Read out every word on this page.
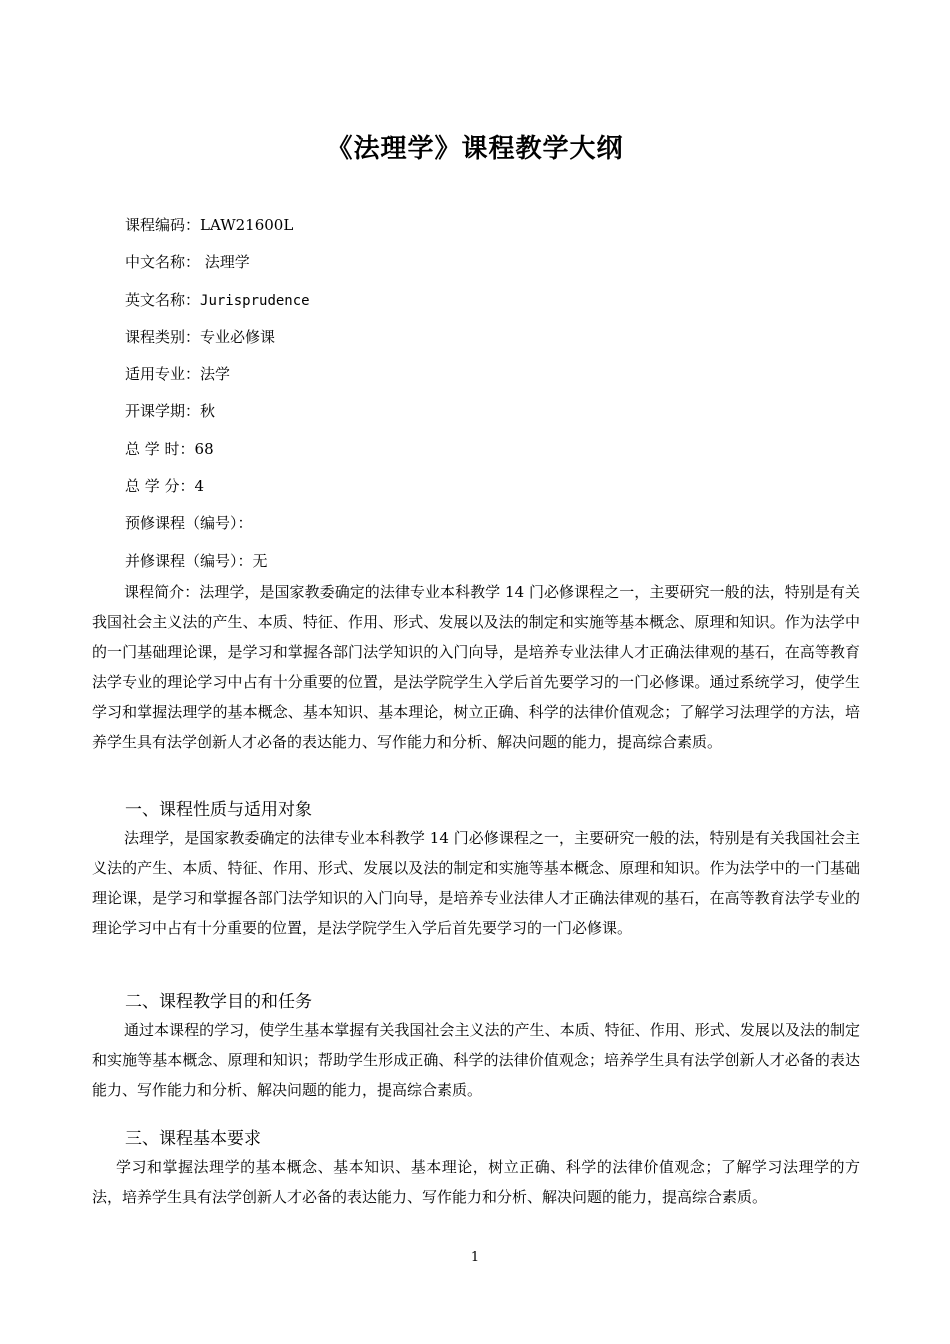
《法理学》课程教学大纲
课程编码：LAW21600L
中文名称： 法理学
英文名称：Jurisprudence
课程类别：专业必修课
适用专业：法学
开课学期：秋
总 学 时：68
总 学 分：4
预修课程（编号）：
并修课程（编号）：无

课程简介：法理学，是国家教委确定的法律专业本科教学 14 门必修课程之一，主要研究一般的法，特别是有关我国社会主义法的产生、本质、特征、作用、形式、发展以及法的制定和实施等基本概念、原理和知识。作为法学中的一门基础理论课，是学习和掌握各部门法学知识的入门向导，是培养专业法律人才正确法律观的基石，在高等教育法学专业的理论学习中占有十分重要的位置，是法学院学生入学后首先要学习的一门必修课。通过系统学习，使学生学习和掌握法理学的基本概念、基本知识、基本理论，树立正确、科学的法律价值观念；了解学习法理学的方法，培养学生具有法学创新人才必备的表达能力、写作能力和分析、解决问题的能力，提高综合素质。

一、课程性质与适用对象

法理学，是国家教委确定的法律专业本科教学 14 门必修课程之一，主要研究一般的法，特别是有关我国社会主义法的产生、本质、特征、作用、形式、发展以及法的制定和实施等基本概念、原理和知识。作为法学中的一门基础理论课，是学习和掌握各部门法学知识的入门向导，是培养专业法律人才正确法律观的基石，在高等教育法学专业的理论学习中占有十分重要的位置，是法学院学生入学后首先要学习的一门必修课。

二、课程教学目的和任务

通过本课程的学习，使学生基本掌握有关我国社会主义法的产生、本质、特征、作用、形式、发展以及法的制定和实施等基本概念、原理和知识；帮助学生形成正确、科学的法律价值观念；培养学生具有法学创新人才必备的表达能力、写作能力和分析、解决问题的能力，提高综合素质。

三、课程基本要求

学习和掌握法理学的基本概念、基本知识、基本理论，树立正确、科学的法律价值观念；了解学习法理学的方法，培养学生具有法学创新人才必备的表达能力、写作能力和分析、解决问题的能力，提高综合素质。

1
